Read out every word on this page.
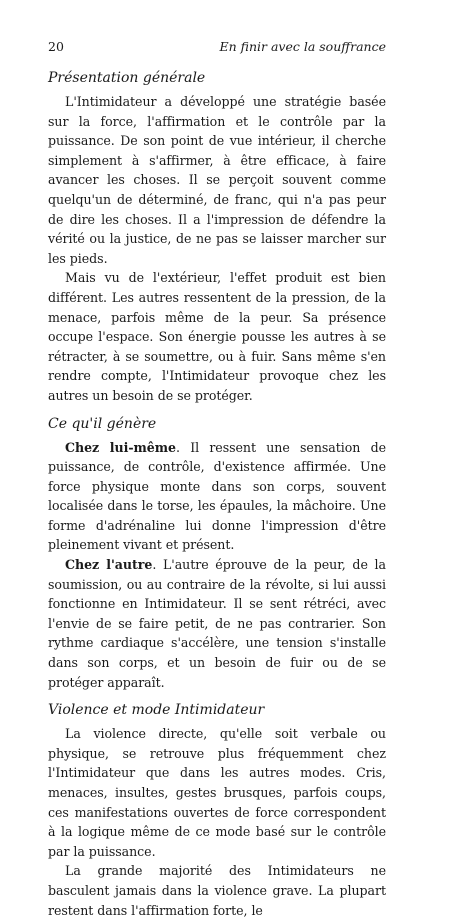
20	En finir avec la souffrance
Présentation générale

L'Intimidateur a développé une stratégie basée sur la force, l'affirmation et le contrôle par la puissance. De son point de vue intérieur, il cherche simplement à s'affirmer, à être efficace, à faire avancer les choses. Il se perçoit souvent comme quelqu'un de déterminé, de franc, qui n'a pas peur de dire les choses. Il a l'impression de défendre la vérité ou la justice, de ne pas se laisser marcher sur les pieds.

Mais vu de l'extérieur, l'effet produit est bien différent. Les autres ressentent de la pression, de la menace, parfois même de la peur. Sa présence occupe l'espace. Son énergie pousse les autres à se rétracter, à se soumettre, ou à fuir. Sans même s'en rendre compte, l'Intimidateur provoque chez les autres un besoin de se protéger.

Ce qu'il génère

Chez lui-même. Il ressent une sensation de puissance, de contrôle, d'existence affirmée. Une force physique monte dans son corps, souvent localisée dans le torse, les épaules, la mâchoire. Une forme d'adrénaline lui donne l'impression d'être pleinement vivant et présent.

Chez l'autre. L'autre éprouve de la peur, de la soumission, ou au contraire de la révolte, si lui aussi fonctionne en Intimidateur. Il se sent rétréci, avec l'envie de se faire petit, de ne pas contrarier. Son rythme cardiaque s'accélère, une tension s'installe dans son corps, et un besoin de fuir ou de se protéger apparaît.

Violence et mode Intimidateur

La violence directe, qu'elle soit verbale ou physique, se retrouve plus fréquemment chez l'Intimidateur que dans les autres modes. Cris, menaces, insultes, gestes brusques, parfois coups, ces manifestations ouvertes de force correspondent à la logique même de ce mode basé sur le contrôle par la puissance.

La grande majorité des Intimidateurs ne basculent jamais dans la violence grave. La plupart restent dans l'affirmation forte, le
